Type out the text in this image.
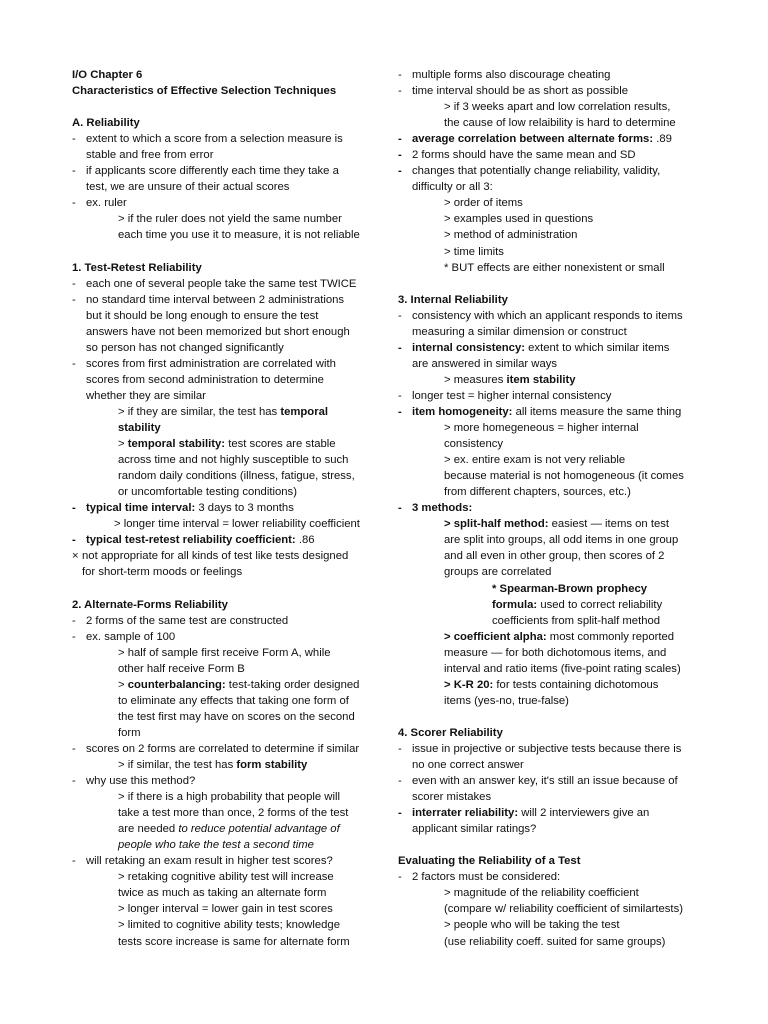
I/O Chapter 6
Characteristics of Effective Selection Techniques
A. Reliability
- extent to which a score from a selection measure is
stable and free from error
- if applicants score differently each time they take a
test, we are unsure of their actual scores
- ex. ruler
> if the ruler does not yield the same number
each time you use it to measure, it is not reliable
1. Test-Retest Reliability
- each one of several people take the same test TWICE
- no standard time interval between 2 administrations
but it should be long enough to ensure the test
answers have not been memorized but short enough
so person has not changed significantly
- scores from first administration are correlated with
scores from second administration to determine
whether they are similar
> if they are similar, the test has temporal
stability
> temporal stability: test scores are stable
across time and not highly susceptible to such
random daily conditions (illness, fatigue, stress,
or uncomfortable testing conditions)
- typical time interval: 3 days to 3 months
> longer time interval = lower reliability coefficient
- typical test-retest reliability coefficient: .86
× not appropriate for all kinds of test like tests designed
for short-term moods or feelings
2. Alternate-Forms Reliability
- 2 forms of the same test are constructed
- ex. sample of 100
> half of sample first receive Form A, while
other half receive Form B
> counterbalancing: test-taking order designed
to eliminate any effects that taking one form of
the test first may have on scores on the second
form
- scores on 2 forms are correlated to determine if similar
> if similar, the test has form stability
- why use this method?
> if there is a high probability that people will
take a test more than once, 2 forms of the test
are needed to reduce potential advantage of
people who take the test a second time
- will retaking an exam result in higher test scores?
> retaking cognitive ability test will increase
twice as much as taking an alternate form
> longer interval = lower gain in test scores
> limited to cognitive ability tests; knowledge
tests score increase is same for alternate form
- multiple forms also discourage cheating
- time interval should be as short as possible
> if 3 weeks apart and low correlation results,
the cause of low relaibility is hard to determine
- average correlation between alternate forms: .89
- 2 forms should have the same mean and SD
- changes that potentially change reliability, validity,
difficulty or all 3:
> order of items
> examples used in questions
> method of administration
> time limits
* BUT effects are either nonexistent or small
3. Internal Reliability
- consistency with which an applicant responds to items
measuring a similar dimension or construct
- internal consistency: extent to which similar items
are answered in similar ways
> measures item stability
- longer test = higher internal consistency
- item homogeneity: all items measure the same thing
> more homegeneous = higher internal
consistency
> ex. entire exam is not very reliable
because material is not homogeneous (it comes
from different chapters, sources, etc.)
- 3 methods:
> split-half method: easiest — items on test
are split into groups, all odd items in one group
and all even in other group, then scores of 2
groups are correlated
* Spearman-Brown prophecy
formula: used to correct reliability
coefficients from split-half method
> coefficient alpha: most commonly reported
measure — for both dichotomous items, and
interval and ratio items (five-point rating scales)
> K-R 20: for tests containing dichotomous
items (yes-no, true-false)
4. Scorer Reliability
- issue in projective or subjective tests because there is
no one correct answer
- even with an answer key, it's still an issue because of
scorer mistakes
- interrater reliability: will 2 interviewers give an
applicant similar ratings?
Evaluating the Reliability of a Test
- 2 factors must be considered:
> magnitude of the reliability coefficient
(compare w/ reliability coefficient of similartests)
> people who will be taking the test
(use reliability coeff. suited for same groups)
